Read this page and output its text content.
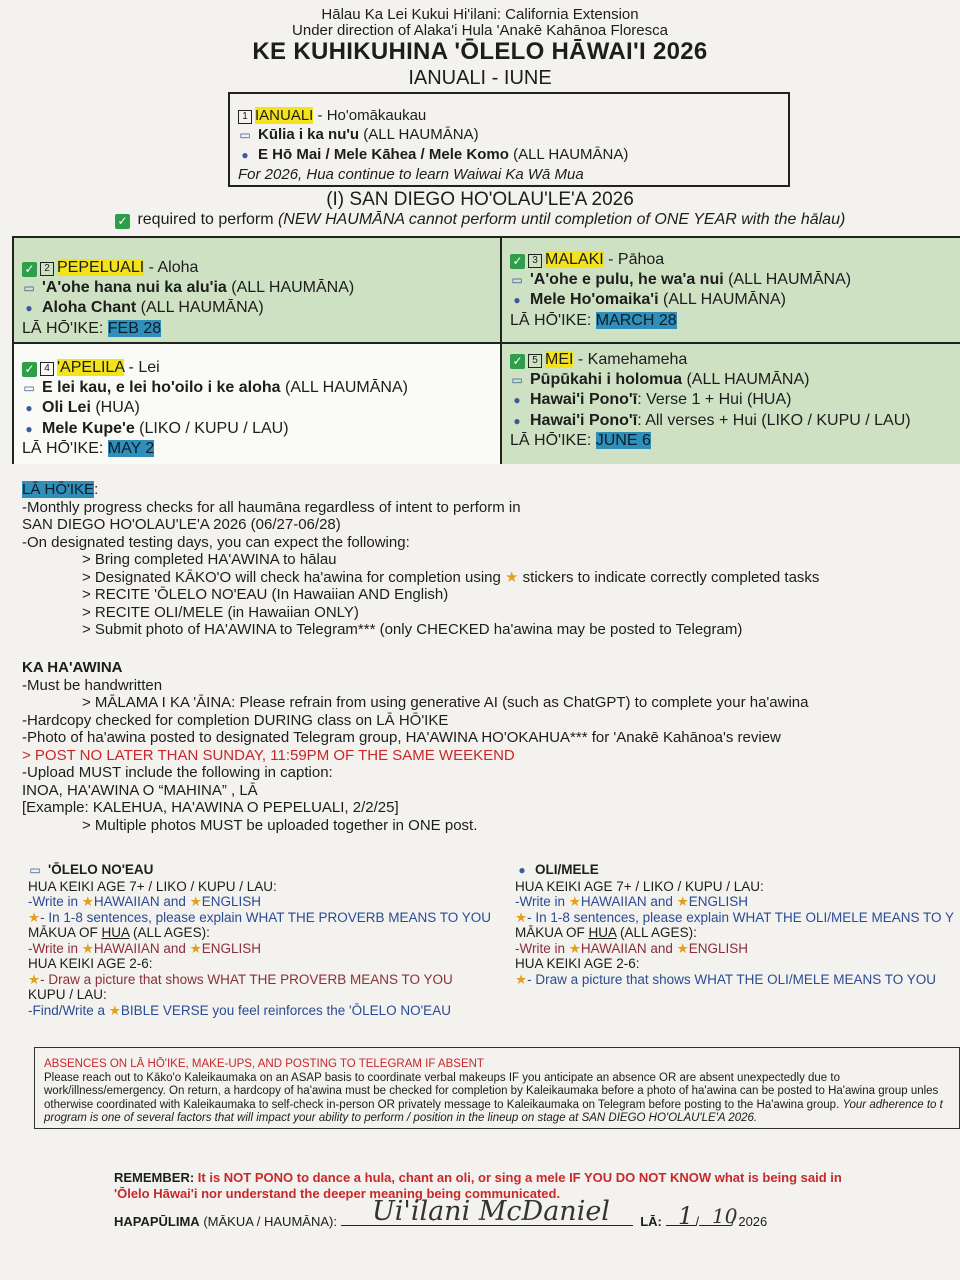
Hālau Ka Lei Kukui Hi'ilani: California Extension
Under direction of Alaka'i Hula 'Anakē Kahānoa Floresca
KE KUHIKUHINA 'ŌLELO HĀWAI'I 2026
IANUALI - IUNE
1 IANUALI - Ho'omākaukau
▭ Kūlia i ka nu'u (ALL HAUMĀNA)
● E Hō Mai / Mele Kāhea / Mele Komo (ALL HAUMĀNA)
For 2026, Hua continue to learn Waiwai Ka Wā Mua
(I) SAN DIEGO HO'OLAU'LE'A 2026
✓ required to perform (NEW HAUMĀNA cannot perform until completion of ONE YEAR with the hālau)
✓ 2 PEPELUALI - Aloha
▭ 'A'ohe hana nui ka alu'ia (ALL HAUMĀNA)
● Aloha Chant (ALL HAUMĀNA)
LĀ HŌ'IKE: FEB 28
✓ 3 MALAKI - Pāhoa
▭ 'A'ohe e pulu, he wa'a nui (ALL HAUMĀNA)
● Mele Ho'omaika'i (ALL HAUMĀNA)
LĀ HŌ'IKE: MARCH 28
✓ 4 'APELILA - Lei
▭ E lei kau, e lei ho'oilo i ke aloha (ALL HAUMĀNA)
● Oli Lei (HUA)
● Mele Kupe'e (LIKO / KUPU / LAU)
LĀ HŌ'IKE: MAY 2
✓ 5 MEI - Kamehameha
▭ Pūpūkahi i holomua (ALL HAUMĀNA)
● Hawai'i Pono'ī: Verse 1 + Hui (HUA)
● Hawai'i Pono'ī: All verses + Hui (LIKO / KUPU / LAU)
LĀ HŌ'IKE: JUNE 6
LĀ HŌ'IKE:
-Monthly progress checks for all haumāna regardless of intent to perform in
SAN DIEGO HO'OLAU'LE'A 2026 (06/27-06/28)
-On designated testing days, you can expect the following:
> Bring completed HA'AWINA to hālau
> Designated KĀKO'O will check ha'awina for completion using ★ stickers to indicate correctly completed tasks
> RECITE 'ŌLELO NO'EAU (In Hawaiian AND English)
> RECITE OLI/MELE (in Hawaiian ONLY)
> Submit photo of HA'AWINA to Telegram*** (only CHECKED ha'awina may be posted to Telegram)
KA HA'AWINA
-Must be handwritten
> MĀLAMA I KA 'ĀINA: Please refrain from using generative AI (such as ChatGPT) to complete your ha'awina
-Hardcopy checked for completion DURING class on LĀ HŌ'IKE
-Photo of ha'awina posted to designated Telegram group, HA'AWINA HO'OKAHUA*** for 'Anakē Kahānoa's review
> POST NO LATER THAN SUNDAY, 11:59PM OF THE SAME WEEKEND
-Upload MUST include the following in caption:
INOA, HA'AWINA O “MAHINA” , LĀ
[Example: KALEHUA, HA'AWINA O PEPELUALI, 2/2/25]
> Multiple photos MUST be uploaded together in ONE post.
▭ 'ŌLELO NO'EAU
HUA KEIKI AGE 7+ / LIKO / KUPU / LAU:
-Write in ★HAWAIIAN and ★ENGLISH
★- In 1-8 sentences, please explain WHAT THE PROVERB MEANS TO YOU
MĀKUA OF HUA (ALL AGES):
-Write in ★HAWAIIAN and ★ENGLISH
HUA KEIKI AGE 2-6:
★- Draw a picture that shows WHAT THE PROVERB MEANS TO YOU
KUPU / LAU:
-Find/Write a ★BIBLE VERSE you feel reinforces the 'ŌLELO NO'EAU
● OLI/MELE
HUA KEIKI AGE 7+ / LIKO / KUPU / LAU:
-Write in ★HAWAIIAN and ★ENGLISH
★- In 1-8 sentences, please explain WHAT THE OLI/MELE MEANS TO Y
MĀKUA OF HUA (ALL AGES):
-Write in ★HAWAIIAN and ★ENGLISH
HUA KEIKI AGE 2-6:
★- Draw a picture that shows WHAT THE OLI/MELE MEANS TO YOU
ABSENCES ON LĀ HŌ'IKE, MAKE-UPS, AND POSTING TO TELEGRAM IF ABSENT
Please reach out to Kāko'o Kaleikaumaka on an ASAP basis to coordinate verbal makeups IF you anticipate an absence OR are absent unexpectedly due to
work/illness/emergency. On return, a hardcopy of ha'awina must be checked for completion by Kaleikaumaka before a photo of ha'awina can be posted to Ha'awina group unles
otherwise coordinated with Kaleikaumaka to self-check in-person OR privately message to Kaleikaumaka on Telegram before posting to the Ha'awina group. Your adherence to t
program is one of several factors that will impact your ability to perform / position in the lineup on stage at SAN DIEGO HO'OLAU'LE'A 2026.
REMEMBER: It is NOT PONO to dance a hula, chant an oli, or sing a mele IF YOU DO NOT KNOW what is being said in
'Ōlelo Hāwai'i nor understand the deeper meaning being communicated.
HAPAPŪLIMA (MĀKUA / HAUMĀNA):	LĀ:	/ / 2026
Ui'ilani McDaniel	1 10
